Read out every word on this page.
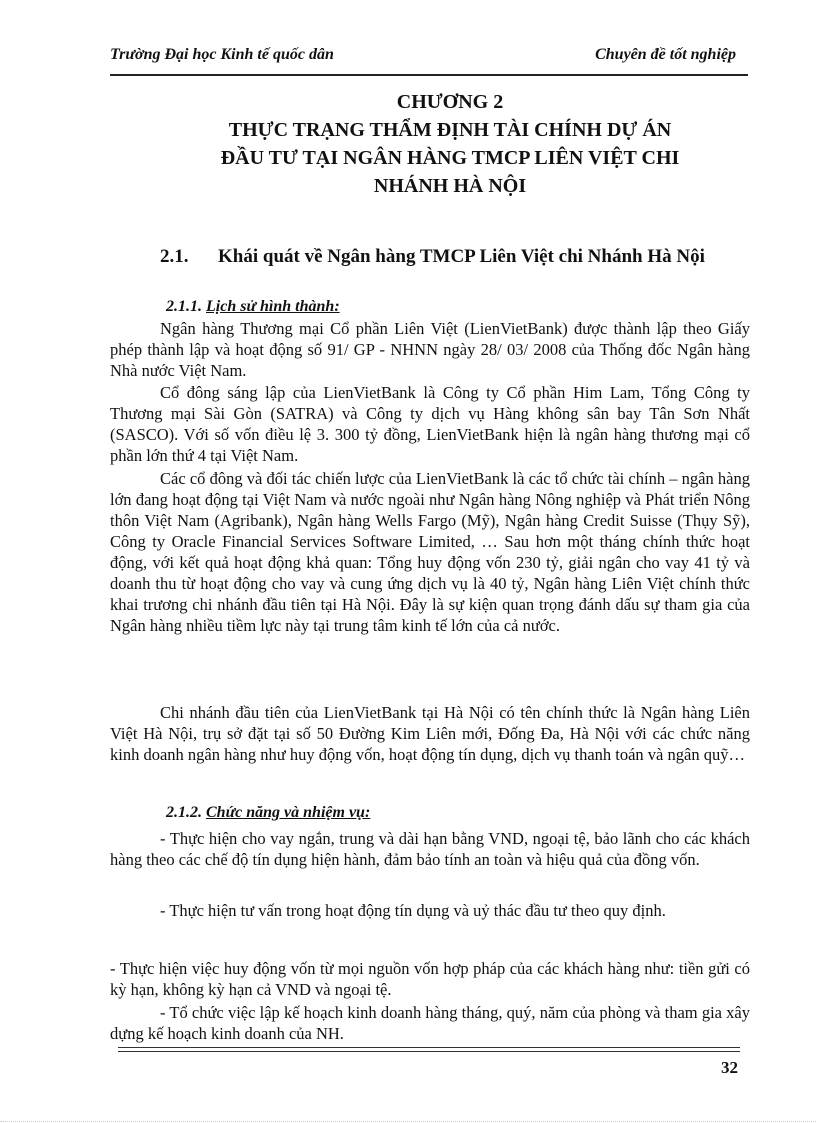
Trường Đại học Kinh tế quốc dân	Chuyên đề tốt nghiệp
CHƯƠNG 2
THỰC TRẠNG THẨM ĐỊNH TÀI CHÍNH DỰ ÁN
ĐẦU TƯ TẠI NGÂN HÀNG TMCP LIÊN VIỆT CHI
NHÁNH HÀ NỘI
2.1. Khái quát về Ngân hàng TMCP Liên Việt chi Nhánh Hà Nội
2.1.1. Lịch sử hình thành:
Ngân hàng Thương mại Cổ phần Liên Việt (LienVietBank) được thành lập theo Giấy phép thành lập và hoạt động số 91/ GP - NHNN ngày 28/ 03/ 2008 của Thống đốc Ngân hàng Nhà nước Việt Nam.
Cổ đông sáng lập của LienVietBank là Công ty Cổ phần Him Lam, Tổng Công ty Thương mại Sài Gòn (SATRA) và Công ty dịch vụ Hàng không sân bay Tân Sơn Nhất (SASCO). Với số vốn điều lệ 3. 300 tỷ đồng, LienVietBank hiện là ngân hàng thương mại cổ phần lớn thứ 4 tại Việt Nam.
Các cổ đông và đối tác chiến lược của LienVietBank là các tổ chức tài chính – ngân hàng lớn đang hoạt động tại Việt Nam và nước ngoài như Ngân hàng Nông nghiệp và Phát triển Nông thôn Việt Nam (Agribank), Ngân hàng Wells Fargo (Mỹ), Ngân hàng Credit Suisse (Thụy Sỹ), Công ty Oracle Financial Services Software Limited, … Sau hơn một tháng chính thức hoạt động, với kết quả hoạt động khả quan: Tổng huy động vốn 230 tỷ, giải ngân cho vay 41 tỷ và doanh thu từ hoạt động cho vay và cung ứng dịch vụ là 40 tỷ, Ngân hàng Liên Việt chính thức khai trương chi nhánh đầu tiên tại Hà Nội. Đây là sự kiện quan trọng đánh dấu sự tham gia của Ngân hàng nhiều tiềm lực này tại trung tâm kinh tế lớn của cả nước.
Chi nhánh đầu tiên của LienVietBank tại Hà Nội có tên chính thức là Ngân hàng Liên Việt Hà Nội, trụ sở đặt tại số 50 Đường Kim Liên mới, Đống Đa, Hà Nội với các chức năng kinh doanh ngân hàng như huy động vốn, hoạt động tín dụng, dịch vụ thanh toán và ngân quỹ…
2.1.2. Chức năng và nhiệm vụ:
- Thực hiện cho vay ngắn, trung và dài hạn bằng VND, ngoại tệ, bảo lãnh cho các khách hàng theo các chế độ tín dụng hiện hành, đảm bảo tính an toàn và hiệu quả của đồng vốn.
- Thực hiện tư vấn trong hoạt động tín dụng và uỷ thác đầu tư theo quy định.
- Thực hiện việc huy động vốn từ mọi nguồn vốn hợp pháp của các khách hàng như: tiền gửi có kỳ hạn, không kỳ hạn cả VND và ngoại tệ.
- Tổ chức việc lập kế hoạch kinh doanh hàng tháng, quý, năm của phòng và tham gia xây dựng kế hoạch kinh doanh của NH.
32
